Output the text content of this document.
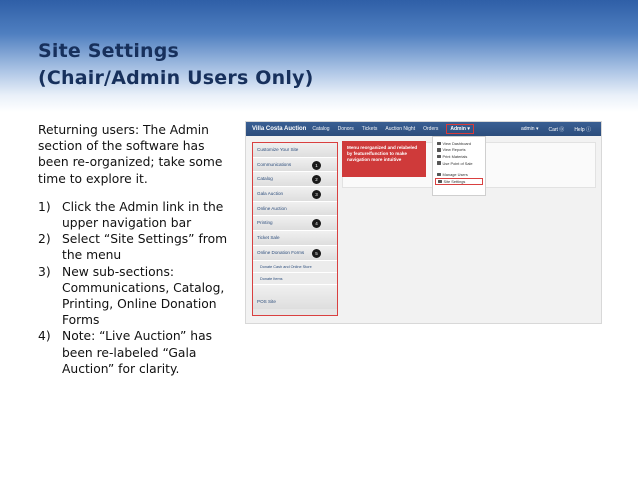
Site Settings
(Chair/Admin Users Only)

Returning users: The Admin section of the software has been re-organized; take some time to explore it.

1) Click the Admin link in the upper navigation bar
2) Select “Site Settings” from the menu
3) New sub-sections: Communications, Catalog, Printing, Online Donation Forms
4) Note: “Live Auction” has been re-labeled “Gala Auction” for clarity.
Villa Costa Auction Catalog Donors Tickets Auction Night Orders	Admin ▾	admin ▾ Cart ⓪ Help ⓘ
Customize Your Site
Communications	1
Catalog	2
Gala Auction	3
Online Auction
Printing	4
Ticket Sale
Online Donation Forms	5
Donate Cash and Online Store
Donate Items
POS Site
Menu reorganized and relabeled by feature/function to make navigation more intuitive
View Dashboard
View Reports
Print Materials
Use Point of Sale
Manage Users
Site Settings
